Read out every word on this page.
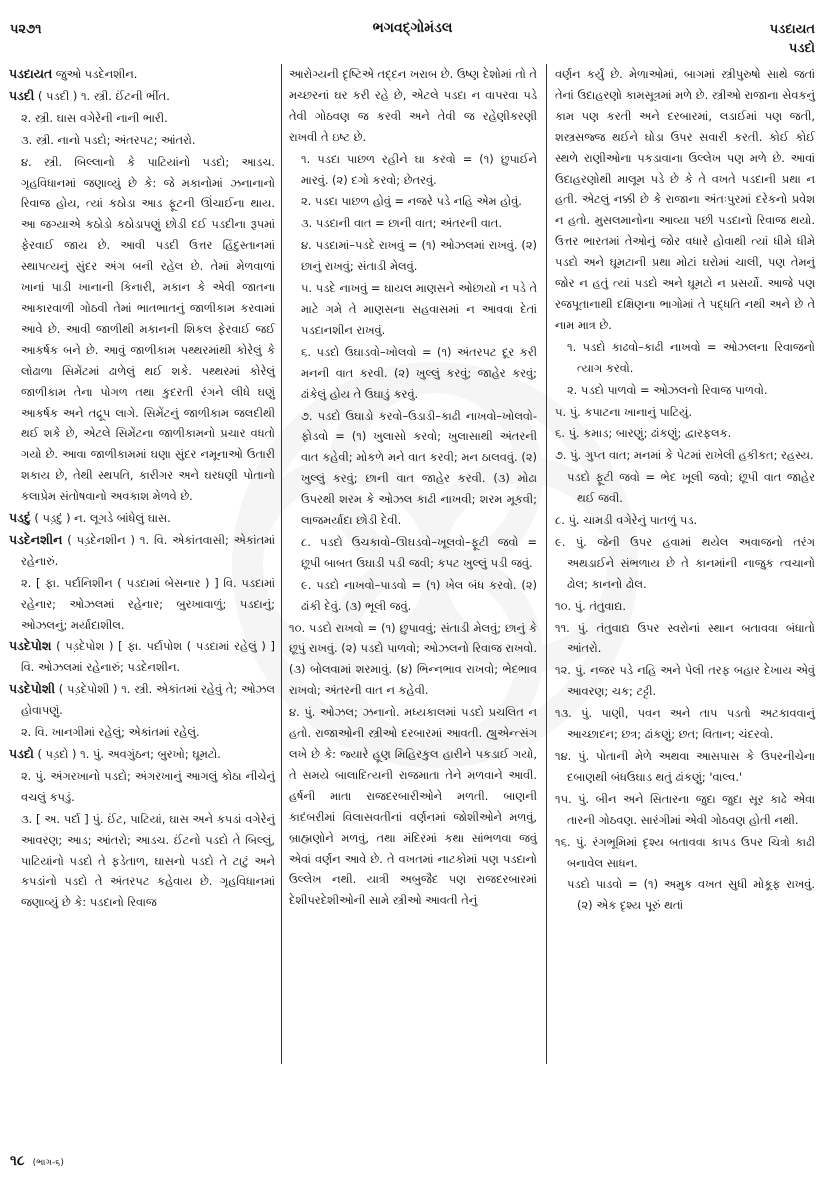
પ૨૭૧	ભગવદ્ગોમંડલ	પડદાયત
પડદો

પડદાયત જુઓ પડદેનશીન.

પડદી ( પડદી ) ૧. સ્ત્રી. ઈંટની ભીંત.

૨. સ્ત્રી. ઘાસ વગેરેની નાની ભારી.

૩. સ્ત્રી. નાનો પડદો; અંતરપટ; આંતરો.

૪. સ્ત્રી. બિલ્લાનો કે પાટિયાંનો પડદો; આડચ. ગૃહવિધાનમાં જણાવ્યું છે કે: જે મકાનોમાં ઝનાનાનો રિવાજ હોય, ત્યાં કઠોડા આડ ફૂટની ઊંચાઈના થાય. આ જગ્યાએ કઠોડો કઠોડાપણું છોડી દઈ પડદીના રૂપમાં ફેરવાઈ જાય છે. આવી પડદી ઉત્તર હિંદુસ્તાનમાં સ્થાપત્યનું સુંદર અંગ બની રહેલ છે. તેમાં મેળવાળાં ખાનાં પાડી ખાનાની કિનારી, મકાન કે એવી જાતના આકારવાળી ગોઠવી તેમાં ભાતભાતનું જાળીકામ કરવામાં આવે છે. આવી જાળીથી મકાનની શિકલ ફેરવાઈ જઈ આકર્ષક બને છે. આવું જાળીકામ પથ્થરમાંથી કોરેલું કે લોઢાળા સિમેંટમાં ઢાળેલું થઈ શકે. પથ્થરમાં કોરેલું જાળીકામ તેના પોગળ તથા કુદરતી રંગને લીધે ઘણું આકર્ષક અને તદ્રૂપ લાગે. સિમેંટનું જાળીકામ જલદીથી થઈ શકે છે, એટલે સિમેંટના જાળીકામનો પ્રચાર વધતો ગયો છે. આવા જાળીકામમાં ઘણા સુંદર નમૂનાઓ ઉતારી શકાય છે, તેથી સ્થપતિ, કારીગર અને ઘરધણી પોતાનો કલાપ્રેમ સંતોષવાનો અવકાશ મેળવે છે.

પડદું ( પડ઼દું ) ન. લૂગડે બાંધેલું ઘાસ.

પડદેનશીન ( પડ઼દેનશીન ) ૧. વિ. એકાંતવાસી; એકાંતમાં રહેનારું.

૨. [ ફા. પર્દાનિશીન ( પડદામાં બેસનાર ) ] વિ. પડદામાં રહેનાર; ઓઝલમાં રહેનાર; બુરખાવાળું; પડદાનું; ઓઝલનું; મર્યાદાશીલ.

પડદેપોશ ( પડ઼દેપોશ ) [ ફા. પર્દાપોશ ( પડદામાં રહેલું ) ] વિ. ઓઝલમાં રહેનારું; પડદેનશીન.

પડદેપોશી ( પડ઼દેપોશી ) ૧. સ્ત્રી. એકાંતમાં રહેવું તે; ઓઝલ હોવાપણું.

૨. વિ. ખાનગીમાં રહેલું; એકાંતમાં રહેલું.

પડદો ( પડ઼દો ) ૧. પું. અવગુંઠન; બુરખો; ઘૂમટો.

૨. પું. અંગરખાનો પડદો; અંગરખાનું આગલું કોઠા નીચેનું વચલું કપડું.

૩. [ અ. પર્દા ] પું. ઈંટ, પાટિયાં, ઘાસ અને કપડાં વગેરેનું આવરણ; આડ; આંતરો; આડચ. ઈંટનો પડદો તે બિલ્લું, પાટિયાંનો પડદો તે ફડેતાળ, ઘાસનો પડદો તે ટાટું અને કપડાંનો પડદો તે અંતરપટ કહેવાય છે. ગૃહવિધાનમાં જણાવ્યું છે કે: પડદાનો રિવાજ

આરોગ્યની દૃષ્ટિએ તદ્દન ખરાબ છે. ઉષ્ણ દેશોમાં તો તે મચ્છરનાં ઘર કરી રહે છે, એટલે પડદા ન વાપરવા પડે તેવી ગોઠવણ જ કરવી અને તેવી જ રહેણીકરણી રાખવી તે ઇષ્ટ છે.

૧. પડદા પાછળ રહીને ઘા કરવો = (૧) છુપાઈને મારવું. (૨) દગો કરવો; છેતરવું.

૨. પડદા પાછળ હોવું = નજરે પડે નહિ એમ હોવું.

૩. પડદાની વાત = છાની વાત; અંતરની વાત.

૪. પડદામાં–પડદે રાખવું = (૧) ઓઝલમાં રાખવું. (૨) છાનું રાખવું; સંતાડી મેલવું.

૫. પડદે નાખવું = ઘાયલ માણસને ઓછાયો ન પડે તે માટે ગમે તે માણસના સહવાસમાં ન આવવા દેતાં પડદાનશીન રાખવું.

૬. પડદો ઉઘાડવો–ખોલવો = (૧) અંતરપટ દૂર કરી મનની વાત કરવી. (૨) ખુલ્લું કરવું; જાહેર કરવું; ઢાંકેલું હોય તે ઉઘાડું કરવું.

૭. પડદો ઉઘાડો કરવો–ઉડાડી–કાઢી નાખવો–ખોલવો-ફોડવો = (૧) ખુલાસો કરવો; ખુલાસાથી અંતરની વાત કહેવી; મોકળે મને વાત કરવી; મન ઠાલવવું. (૨) ખુલ્લું કરવું; છાની વાત જાહેર કરવી. (૩) મોઢા ઉપરથી શરમ કે ઓઝલ કાઢી નાખવી; શરમ મૂકવી; લાજમર્યાદા છોડી દેવી.

૮. પડદો ઉચકાવો–ઊઘડવો–ખૂલવો–ફૂટી જવો = છૂપી બાબત ઉઘાડી પડી જવી; કપટ ખુલ્લું પડી જવું.

૯. પડદો નાખવો–પાડવો = (૧) ખેલ બંધ કરવો. (૨) ઢાંકી દેવું. (૩) ભૂલી જવું.

૧૦. પડદો રાખવો = (૧) છુપાવવું; સંતાડી મેલવું; છાનું કે છૂપું રાખવું. (૨) પડદો પાળવો; ઓઝલનો રિવાજ રાખવો. (૩) બોલવામાં શરમાવું. (૪) ભિન્નભાવ રાખવો; ભેદભાવ રાખવો; અંતરની વાત ન કહેવી.

૪. પું. ઓઝલ; ઝનાનો. મધ્યકાલમાં પડદો પ્રચલિત ન હતો. રાજાઓની સ્ત્રીઓ દરબારમાં આવતી. હ્યુએન્ત્સંગ લખે છે કે: જ્યારે હૂણ મિહિરકુલ હારીને પકડાઈ ગયો, તે સમયે બાલાદિત્યની રાજમાતા તેને મળવાને આવી. હર્ષની માતા રાજદરબારીઓને મળતી. બાણની કાદંબરીમાં વિલાસવતીનાં વર્ણનમાં જોશીઓને મળવું, બ્રાહ્મણોને મળવું, તથા મંદિરમાં કથા સાંભળવા જવું એવાં વર્ણન આવે છે. તે વખતમાં નાટકોમાં પણ પડદાનો ઉલ્લેખ નથી. યાત્રી અબુજૈદ પણ રાજદરબારમાં દેશીપરદેશીઓની સામે સ્ત્રીઓ આવતી તેનું

વર્ણન કર્યું છે. મેળાઓમાં, બાગમાં સ્ત્રીપુરુષો સાથે જતાં તેનાં ઉદાહરણો કામસૂત્રમાં મળે છે. સ્ત્રીઓ રાજાના સેવકનું કામ પણ કરતી અને દરબારમાં, લડાઈમાં પણ જતી, શસ્ત્રસજ્જ થઈને ઘોડા ઉપર સવારી કરતી. કોઈ કોઈ સ્થળે રાણીઓના પકડાવાના ઉલ્લેખ પણ મળે છે. આવાં ઉદાહરણોથી માલૂમ પડે છે કે તે વખતે પડદાની પ્રથા ન હતી. એટલું નક્કી છે કે રાજાના અંતઃપુરમાં દરેકનો પ્રવેશ ન હતો. મુસલમાનોના આવ્યા પછી પડદાનો રિવાજ થયો. ઉત્તર ભારતમાં તેઓનું જોર વધારે હોવાથી ત્યાં ધીમે ધીમે પડદો અને ઘૂમટાની પ્રથા મોટાં ઘરોમાં ચાલી, પણ તેમનું જોર ન હતું ત્યાં પડદો અને ઘૂમટો ન પ્રસર્યો. આજે પણ રજપૂતાનાથી દક્ષિણના ભાગોમાં તે પદ્ધતિ નથી અને છે તે નામ માત્ર છે.

૧. પડદો કાઢવો–કાઢી નાખવો = ઓઝલના રિવાજનો ત્યાગ કરવો.

૨. પડદો પાળવો = ઓઝલનો રિવાજ પાળવો.

૫. પું. કપાટના ખાનાનું પાટિયું.

૬. પું. કમાડ; બારણું; ઢાંકણું; દ્વારફલક.

૭. પું. ગુપ્ત વાત; મનમાં કે પેટમાં રાખેલી હકીકત; રહસ્ય.

પડદો ફૂટી જવો = ભેદ ખૂલી જવો; છૂપી વાત જાહેર થઈ જવી.

૮. પું. ચામડી વગેરેનું પાતળું પડ.

૯. પું. જેની ઉપર હવામાં થયેલ અવાજનો તરંગ અથડાઈને સંભળાય છે તે કાનમાંની નાજુક ત્વચાનો ઢોલ; કાનનો ઢોલ.

૧૦. પું. તંતુવાદ્ય.

૧૧. પું. તંતુવાદ્ય ઉપર સ્વરોનાં સ્થાન બતાવવા બંધાતો આંતરો.

૧૨. પું. નજર પડે નહિ અને પેલી તરફ બહાર દેખાય એવું આવરણ; ચક; ટટ્ટી.

૧૩. પું. પાણી, પવન અને તાપ પડતો અટકાવવાનું આચ્છાદન; છત્ર; ઢાંકણું; છત; વિતાન; ચંદરવો.

૧૪. પું. પોતાની મેળે અથવા આસપાસ કે ઉપરનીચેના દબાણથી બંધઉઘાડ થતું ઢાંકણું; 'વાલ્વ.'

૧૫. પું. બીન અને સિતારના જુદા જુદા સૂર કાઢે એવા તારની ગોઠવણ. સારંગીમાં એવી ગોઠવણ હોતી નથી.

૧૬. પું. રંગભૂમિમાં દૃશ્ય બતાવવા કાપડ ઉપર ચિત્રો કાઢી બનાવેલ સાધન.

પડદો પાડવો = (૧) અમુક વખત સુધી મોકૂફ રાખવું. (૨) એક દૃશ્ય પૂરું થતાં

૧૮ (ભાગ-૬)
